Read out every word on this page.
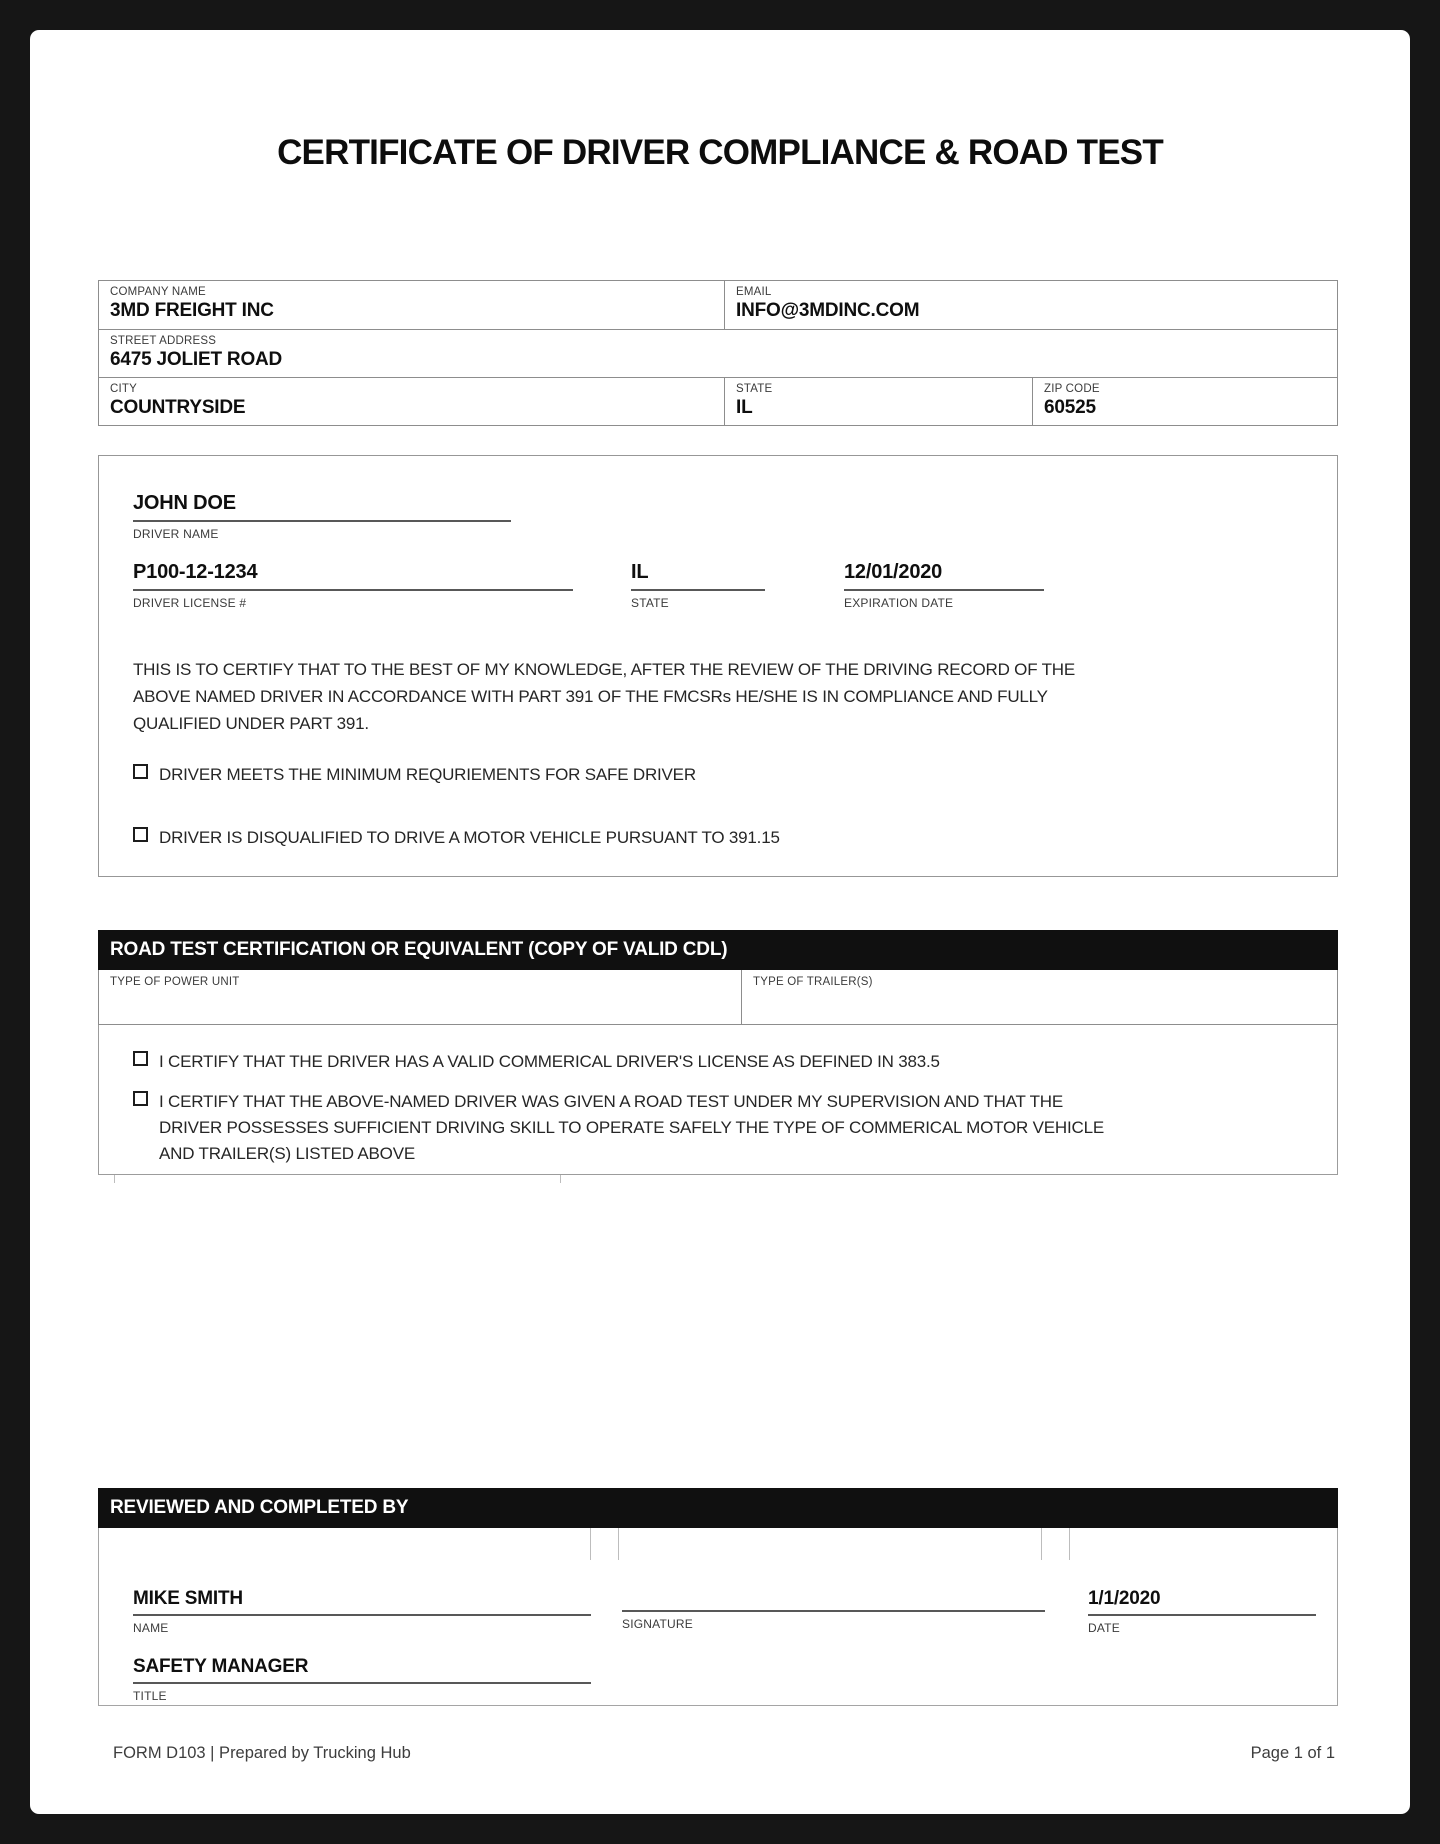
CERTIFICATE OF DRIVER COMPLIANCE & ROAD TEST
COMPANY NAME
3MD FREIGHT INC
EMAIL
INFO@3MDINC.COM
STREET ADDRESS
6475 JOLIET ROAD
CITY
COUNTRYSIDE
STATE
IL
ZIP CODE
60525
JOHN DOE
DRIVER NAME
P100-12-1234
DRIVER LICENSE #
IL
STATE
12/01/2020
EXPIRATION DATE
THIS IS TO CERTIFY THAT TO THE BEST OF MY KNOWLEDGE, AFTER THE REVIEW OF THE DRIVING RECORD OF THE ABOVE NAMED DRIVER IN ACCORDANCE WITH PART 391 OF THE FMCSRs HE/SHE IS IN COMPLIANCE AND FULLY QUALIFIED UNDER PART 391.
DRIVER MEETS THE MINIMUM REQURIEMENTS FOR SAFE DRIVER
DRIVER IS DISQUALIFIED TO DRIVE A MOTOR VEHICLE PURSUANT TO 391.15
ROAD TEST CERTIFICATION OR EQUIVALENT (COPY OF VALID CDL)
TYPE OF POWER UNIT	TYPE OF TRAILER(S)
I CERTIFY THAT THE DRIVER HAS A VALID COMMERICAL DRIVER'S LICENSE AS DEFINED IN 383.5
I CERTIFY THAT THE ABOVE-NAMED DRIVER WAS GIVEN A ROAD TEST UNDER MY SUPERVISION AND THAT THE DRIVER POSSESSES SUFFICIENT DRIVING SKILL TO OPERATE SAFELY THE TYPE OF COMMERICAL MOTOR VEHICLE AND TRAILER(S) LISTED ABOVE
REVIEWED AND COMPLETED BY
MIKE SMITH
NAME	SIGNATURE
1/1/2020
DATE
SAFETY MANAGER
TITLE
FORM D103 | Prepared by Trucking Hub	Page 1 of 1
